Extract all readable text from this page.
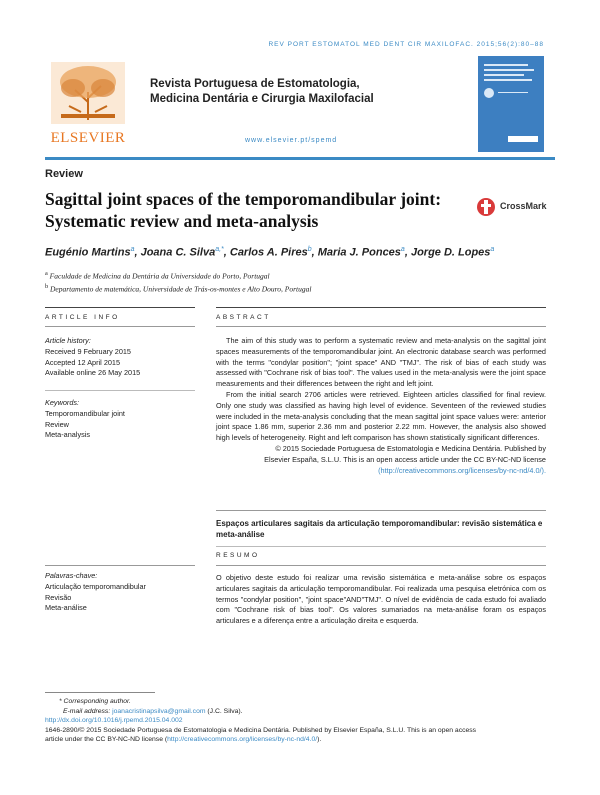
REV PORT ESTOMATOL MED DENT CIR MAXILOFAC. 2015;56(2):80–88
ELSEVIER
Revista Portuguesa de Estomatologia,
Medicina Dentária e Cirurgia Maxilofacial
www.elsevier.pt/spemd
Review
Sagittal joint spaces of the temporomandibular joint: Systematic review and meta-analysis
CrossMark
Eugénio Martins$^a$, Joana C. Silva$^{a,*}$, Carlos A. Pires$^b$, Maria J. Ponces$^a$, Jorge D. Lopes$^a$
$^a$ Faculdade de Medicina da Dentária da Universidade do Porto, Portugal
$^b$ Departamento de matemática, Universidade de Trás-os-montes e Alto Douro, Portugal
ARTICLE INFO	ABSTRACT
Article history:
Received 9 February 2015
Accepted 12 April 2015
Available online 26 May 2015
Keywords:
Temporomandibular joint
Review
Meta-analysis

The aim of this study was to perform a systematic review and meta-analysis on the sagittal joint spaces measurements of the temporomandibular joint. An electronic database search was performed with the terms "condylar position"; "joint space" AND "TMJ". The risk of bias of each study was assessed with "Cochrane risk of bias tool". The values used in the meta-analysis were the joint space measurements and their differences between the right and left joint.

From the initial search 2706 articles were retrieved. Eighteen articles classified for final review. Only one study was classified as having high level of evidence. Seventeen of the reviewed studies were included in the meta-analysis concluding that the mean sagittal joint space values were: anterior joint space 1.86 mm, superior 2.36 mm and posterior 2.22 mm. However, the analysis also showed high levels of heterogeneity. Right and left comparison has shown statistically significant differences.

© 2015 Sociedade Portuguesa de Estomatologia e Medicina Dentária. Published by
Elsevier España, S.L.U. This is an open access article under the CC BY-NC-ND license
(http://creativecommons.org/licenses/by-nc-nd/4.0/).
Espaços articulares sagitais da articulação temporomandibular: revisão sistemática e meta-análise
RESUMO
Palavras-chave:
Articulação temporomandibular
Revisão
Meta-análise
O objetivo deste estudo foi realizar uma revisão sistemática e meta-análise sobre os espaços articulares sagitais da articulação temporomandibular. Foi realizada uma pesquisa eletrónica com os termos "condylar position", "joint space"AND"TMJ". O nível de evidência de cada estudo foi avaliado com "Cochrane risk of bias tool". Os valores sumariados na meta-análise foram os espaços articulares e a diferença entre a articulação direita e esquerda.
* Corresponding author.
E-mail address: joanacristinapsilva@gmail.com (J.C. Silva).
http://dx.doi.org/10.1016/j.rpemd.2015.04.002
1646-2890/© 2015 Sociedade Portuguesa de Estomatologia e Medicina Dentária. Published by Elsevier España, S.L.U. This is an open access
article under the CC BY-NC-ND license (http://creativecommons.org/licenses/by-nc-nd/4.0/).
